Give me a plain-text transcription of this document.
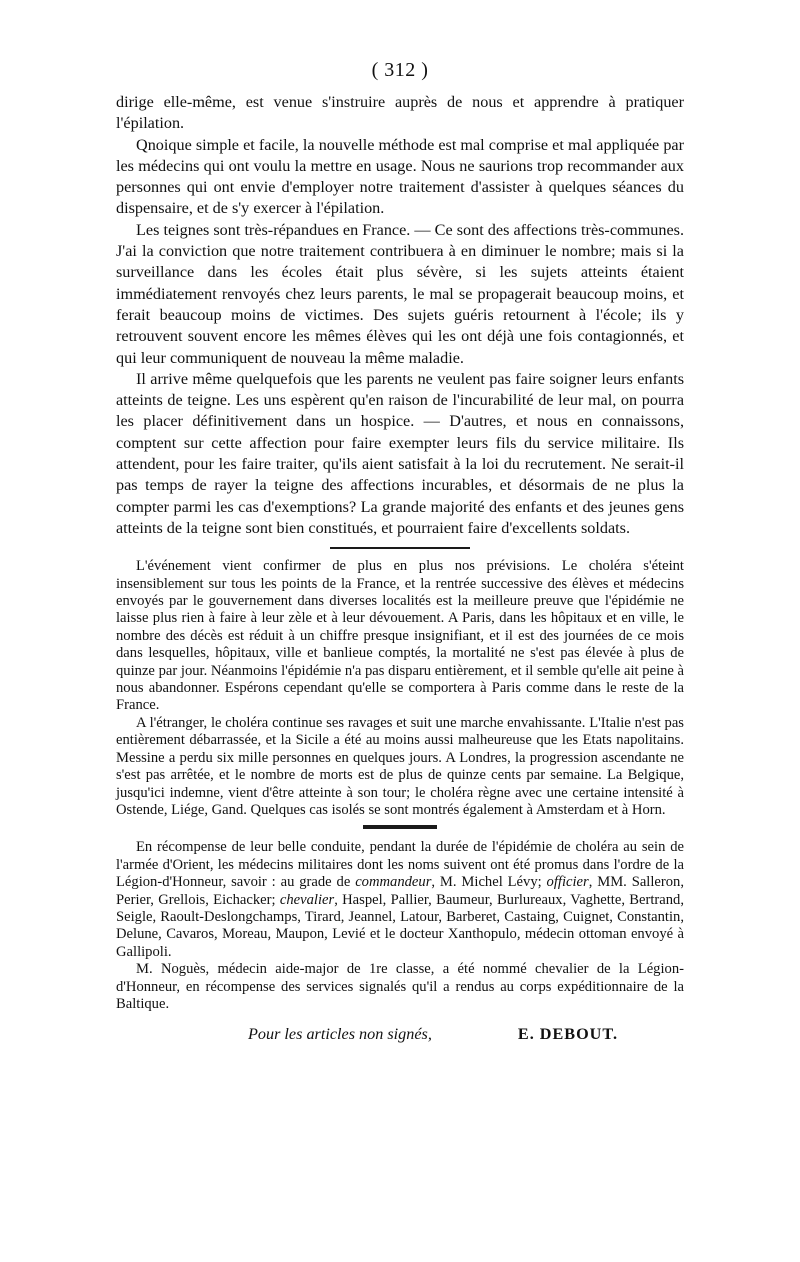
( 312 )

dirige elle-même, est venue s'instruire auprès de nous et apprendre à pratiquer l'épilation.

Qnoique simple et facile, la nouvelle méthode est mal comprise et mal appliquée par les médecins qui ont voulu la mettre en usage. Nous ne saurions trop recommander aux personnes qui ont envie d'employer notre traitement d'assister à quelques séances du dispensaire, et de s'y exercer à l'épilation.

Les teignes sont très-répandues en France. — Ce sont des affections très-communes. J'ai la conviction que notre traitement contribuera à en diminuer le nombre; mais si la surveillance dans les écoles était plus sévère, si les sujets atteints étaient immédiatement renvoyés chez leurs parents, le mal se propagerait beaucoup moins, et ferait beaucoup moins de victimes. Des sujets guéris retournent à l'école; ils y retrouvent souvent encore les mêmes élèves qui les ont déjà une fois contagionnés, et qui leur communiquent de nouveau la même maladie.

Il arrive même quelquefois que les parents ne veulent pas faire soigner leurs enfants atteints de teigne. Les uns espèrent qu'en raison de l'incurabilité de leur mal, on pourra les placer définitivement dans un hospice. — D'autres, et nous en connaissons, comptent sur cette affection pour faire exempter leurs fils du service militaire. Ils attendent, pour les faire traiter, qu'ils aient satisfait à la loi du recrutement. Ne serait-il pas temps de rayer la teigne des affections incurables, et désormais de ne plus la compter parmi les cas d'exemptions? La grande majorité des enfants et des jeunes gens atteints de la teigne sont bien constitués, et pourraient faire d'excellents soldats.

L'événement vient confirmer de plus en plus nos prévisions. Le choléra s'éteint insensiblement sur tous les points de la France, et la rentrée successive des élèves et médecins envoyés par le gouvernement dans diverses localités est la meilleure preuve que l'épidémie ne laisse plus rien à faire à leur zèle et à leur dévouement. A Paris, dans les hôpitaux et en ville, le nombre des décès est réduit à un chiffre presque insignifiant, et il est des journées de ce mois dans lesquelles, hôpitaux, ville et banlieue comptés, la mortalité ne s'est pas élevée à plus de quinze par jour. Néanmoins l'épidémie n'a pas disparu entièrement, et il semble qu'elle ait peine à nous abandonner. Espérons cependant qu'elle se comportera à Paris comme dans le reste de la France.

A l'étranger, le choléra continue ses ravages et suit une marche envahissante. L'Italie n'est pas entièrement débarrassée, et la Sicile a été au moins aussi malheureuse que les Etats napolitains. Messine a perdu six mille personnes en quelques jours. A Londres, la progression ascendante ne s'est pas arrêtée, et le nombre de morts est de plus de quinze cents par semaine. La Belgique, jusqu'ici indemne, vient d'être atteinte à son tour; le choléra règne avec une certaine intensité à Ostende, Liége, Gand. Quelques cas isolés se sont montrés également à Amsterdam et à Horn.

En récompense de leur belle conduite, pendant la durée de l'épidémie de choléra au sein de l'armée d'Orient, les médecins militaires dont les noms suivent ont été promus dans l'ordre de la Légion-d'Honneur, savoir : au grade de commandeur, M. Michel Lévy; officier, MM. Salleron, Perier, Grellois, Eichacker; chevalier, Haspel, Pallier, Baumeur, Burlureaux, Vaghette, Bertrand, Seigle, Raoult-Deslongchamps, Tirard, Jeannel, Latour, Barberet, Castaing, Cuignet, Constantin, Delune, Cavaros, Moreau, Maupon, Levié et le docteur Xanthopulo, médecin ottoman envoyé à Gallipoli.

M. Noguès, médecin aide-major de 1re classe, a été nommé chevalier de la Légion-d'Honneur, en récompense des services signalés qu'il a rendus au corps expéditionnaire de la Baltique.

Pour les articles non signés,	E. DEBOUT.
